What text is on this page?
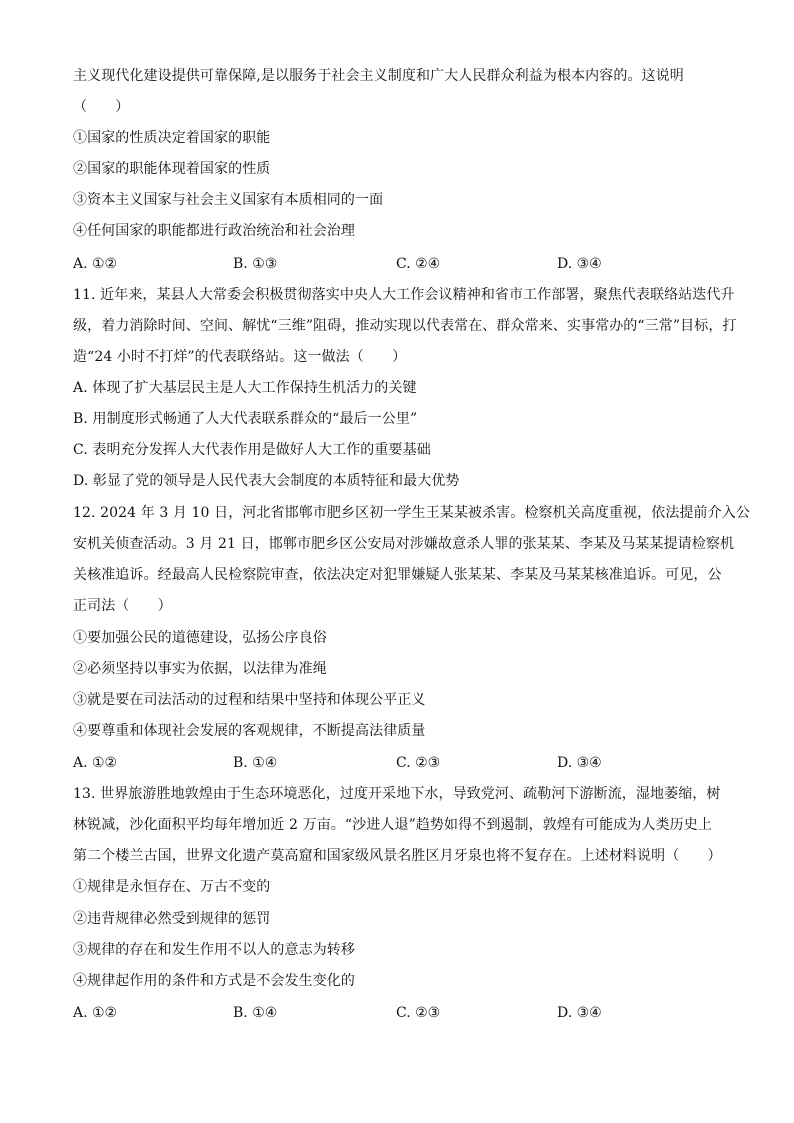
主义现代化建设提供可靠保障,是以服务于社会主义制度和广大人民群众利益为根本内容的。这说明
（　　）
①国家的性质决定着国家的职能
②国家的职能体现着国家的性质
③资本主义国家与社会主义国家有本质相同的一面
④任何国家的职能都进行政治统治和社会治理
A. ①②	B. ①③	C. ②④	D. ③④
11. 近年来，某县人大常委会积极贯彻落实中央人大工作会议精神和省市工作部署，聚焦代表联络站迭代升
级，着力消除时间、空间、解忧“三维”阻碍，推动实现以代表常在、群众常来、实事常办的“三常”目标，打
造“24 小时不打烊”的代表联络站。这一做法（　　）
A. 体现了扩大基层民主是人大工作保持生机活力的关键
B. 用制度形式畅通了人大代表联系群众的“最后一公里”
C. 表明充分发挥人大代表作用是做好人大工作的重要基础
D. 彰显了党的领导是人民代表大会制度的本质特征和最大优势
12. 2024 年 3 月 10 日，河北省邯郸市肥乡区初一学生王某某被杀害。检察机关高度重视，依法提前介入公
安机关侦查活动。3 月 21 日，邯郸市肥乡区公安局对涉嫌故意杀人罪的张某某、李某及马某某提请检察机
关核准追诉。经最高人民检察院审查，依法决定对犯罪嫌疑人张某某、李某及马某某核准追诉。可见，公
正司法（　　）
①要加强公民的道德建设，弘扬公序良俗
②必须坚持以事实为依据，以法律为准绳
③就是要在司法活动的过程和结果中坚持和体现公平正义
④要尊重和体现社会发展的客观规律，不断提高法律质量
A. ①②	B. ①④	C. ②③	D. ③④
13. 世界旅游胜地敦煌由于生态环境恶化，过度开采地下水，导致党河、疏勒河下游断流，湿地萎缩，树
林锐减，沙化面积平均每年增加近 2 万亩。“沙进人退”趋势如得不到遏制，敦煌有可能成为人类历史上
第二个楼兰古国，世界文化遗产莫高窟和国家级风景名胜区月牙泉也将不复存在。上述材料说明（　　）
①规律是永恒存在、万古不变的
②违背规律必然受到规律的惩罚
③规律的存在和发生作用不以人的意志为转移
④规律起作用的条件和方式是不会发生变化的
A. ①②	B. ①④	C. ②③	D. ③④
